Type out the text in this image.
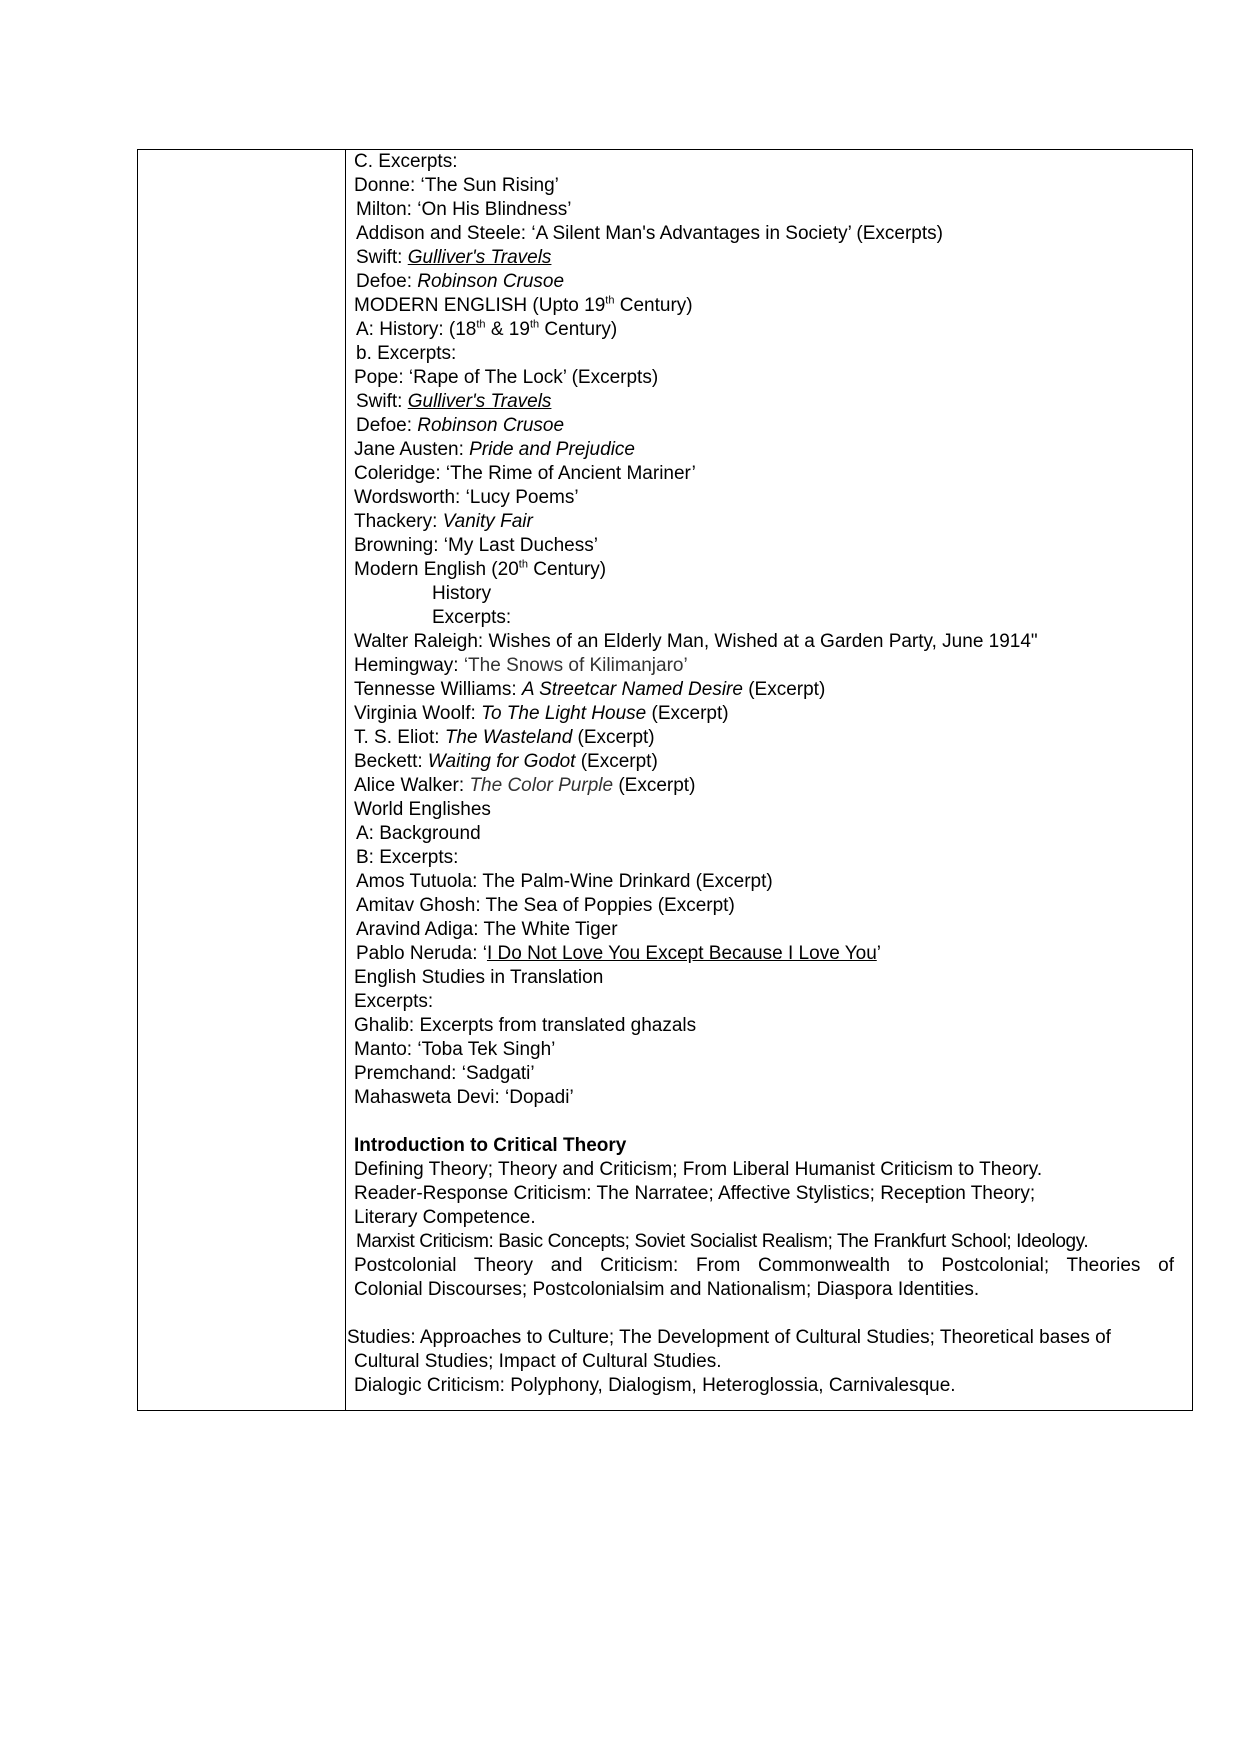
C. Excerpts:
Donne: ‘The Sun Rising’
Milton: ‘On His Blindness’
Addison and Steele: ‘A Silent Man's Advantages in Society’ (Excerpts)
Swift: Gulliver's Travels
Defoe: Robinson Crusoe
MODERN ENGLISH (Upto 19th Century)
A: History: (18th & 19th Century)
b. Excerpts:
Pope: ‘Rape of The Lock’ (Excerpts)
Swift: Gulliver's Travels
Defoe: Robinson Crusoe
Jane Austen: Pride and Prejudice
Coleridge: ‘The Rime of Ancient Mariner’
Wordsworth: ‘Lucy Poems’
Thackery: Vanity Fair
Browning: ‘My Last Duchess’
Modern English (20th Century)
History
Excerpts:
Walter Raleigh: Wishes of an Elderly Man, Wished at a Garden Party, June 1914"
Hemingway: ‘The Snows of Kilimanjaro’
Tennesse Williams: A Streetcar Named Desire (Excerpt)
Virginia Woolf: To The Light House (Excerpt)
T. S. Eliot: The Wasteland (Excerpt)
Beckett: Waiting for Godot (Excerpt)
Alice Walker: The Color Purple (Excerpt)
World Englishes
A: Background
B: Excerpts:
Amos Tutuola: The Palm-Wine Drinkard (Excerpt)
Amitav Ghosh: The Sea of Poppies (Excerpt)
Aravind Adiga: The White Tiger
Pablo Neruda: ‘I Do Not Love You Except Because I Love You’
English Studies in Translation
Excerpts:
Ghalib: Excerpts from translated ghazals
Manto: ‘Toba Tek Singh’
Premchand: ‘Sadgati’
Mahasweta Devi: ‘Dopadi’
Introduction to Critical Theory
Defining Theory; Theory and Criticism; From Liberal Humanist Criticism to Theory.
Reader-Response Criticism: The Narratee; Affective Stylistics; Reception Theory;
Literary Competence.
Marxist Criticism: Basic Concepts; Soviet Socialist Realism; The Frankfurt School; Ideology.
Postcolonial Theory and Criticism: From Commonwealth to Postcolonial; Theories of
Colonial Discourses; Postcolonialsim and Nationalism; Diaspora Identities.
Studies: Approaches to Culture; The Development of Cultural Studies; Theoretical bases of
Cultural Studies; Impact of Cultural Studies.
Dialogic Criticism: Polyphony, Dialogism, Heteroglossia, Carnivalesque.
